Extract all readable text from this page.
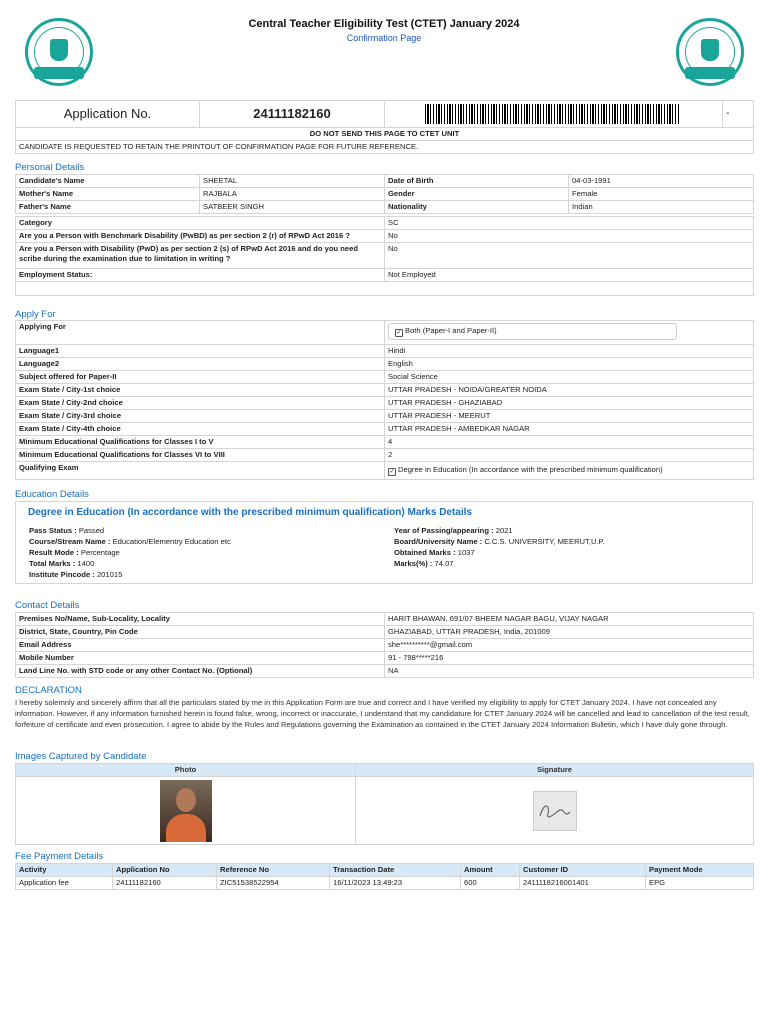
Central Teacher Eligibility Test (CTET) January 2024
Confirmation Page
Application No.	24111182160		-
DO NOT SEND THIS PAGE TO CTET UNIT
CANDIDATE IS REQUESTED TO RETAIN THE PRINTOUT OF CONFIRMATION PAGE FOR FUTURE REFERENCE.
Personal Details
Candidate's Name	SHEETAL	Date of Birth	04-03-1991
Mother's Name	RAJBALA	Gender	Female
Father's Name	SATBEER SINGH	Nationality	Indian
Category	SC
Are you a Person with Benchmark Disability (PwBD) as per section 2 (r) of RPwD Act 2016 ?	No
Are you a Person with Disability (PwD) as per section 2 (s) of RPwD Act 2016 and do you need scribe during the examination due to limitation in writing ?	No
Employment Status:	Not Employed

Apply For
Applying For	✓ Both (Paper-I and Paper-II)

Language1	Hindi
Language2	English
Subject offered for Paper-II	Social Science
Exam State / City-1st choice	UTTAR PRADESH - NOIDA/GREATER NOIDA
Exam State / City-2nd choice	UTTAR PRADESH - GHAZIABAD
Exam State / City-3rd choice	UTTAR PRADESH - MEERUT
Exam State / City-4th choice	UTTAR PRADESH - AMBEDKAR NAGAR
Minimum Educational Qualifications for Classes I to V	4
Minimum Educational Qualifications for Classes VI to VIII	2
Qualifying Exam	✓ Degree in Education (In accordance with the prescribed minimum qualification)
Education Details
Degree in Education (In accordance with the prescribed minimum qualification) Marks Details
Pass Status : Passed
Course/Stream Name : Education/Elementry Education etc
Result Mode : Percentage
Total Marks : 1400
Institute Pincode : 201015
Year of Passing/appearing : 2021
Board/University Name : C.C.S. UNIVERSITY, MEERUT,U.P.
Obtained Marks : 1037
Marks(%) : 74.07
Contact Details
Premises No/Name, Sub-Locality, Locality	HARIT BHAWAN, 691/07 BHEEM NAGAR BAGU, VIJAY NAGAR
District, State, Country, Pin Code	GHAZIABAD, UTTAR PRADESH, India, 201009
Email Address	she**********@gmail.com
Mobile Number	91 - 798*****216
Land Line No. with STD code or any other Contact No. (Optional)	NA
DECLARATION
I hereby solemnly and sincerely affirm that all the particulars stated by me in this Application Form are true and correct and I have verified my eligibility to apply for CTET January 2024. I have not concealed any information. However, if any information furnished herein is found false, wrong, incorrect or inaccurate, I understand that my candidature for CTET January 2024 will be cancelled and lead to cancellation of the test result, forfeiture of certificate and even prosecution. I agree to abide by the Rules and Regulations governing the Examination as contained in the CTET January 2024 Information Bulletin, which I have duly gone through.
Images Captured by Candidate
Photo	Signature

Fee Payment Details
Activity	Application No	Reference No	Transaction Date	Amount	Customer ID	Payment Mode
Application fee	24111182160	ZIC51538522954	16/11/2023 13:49:23	600	2411118216001401	EPG
